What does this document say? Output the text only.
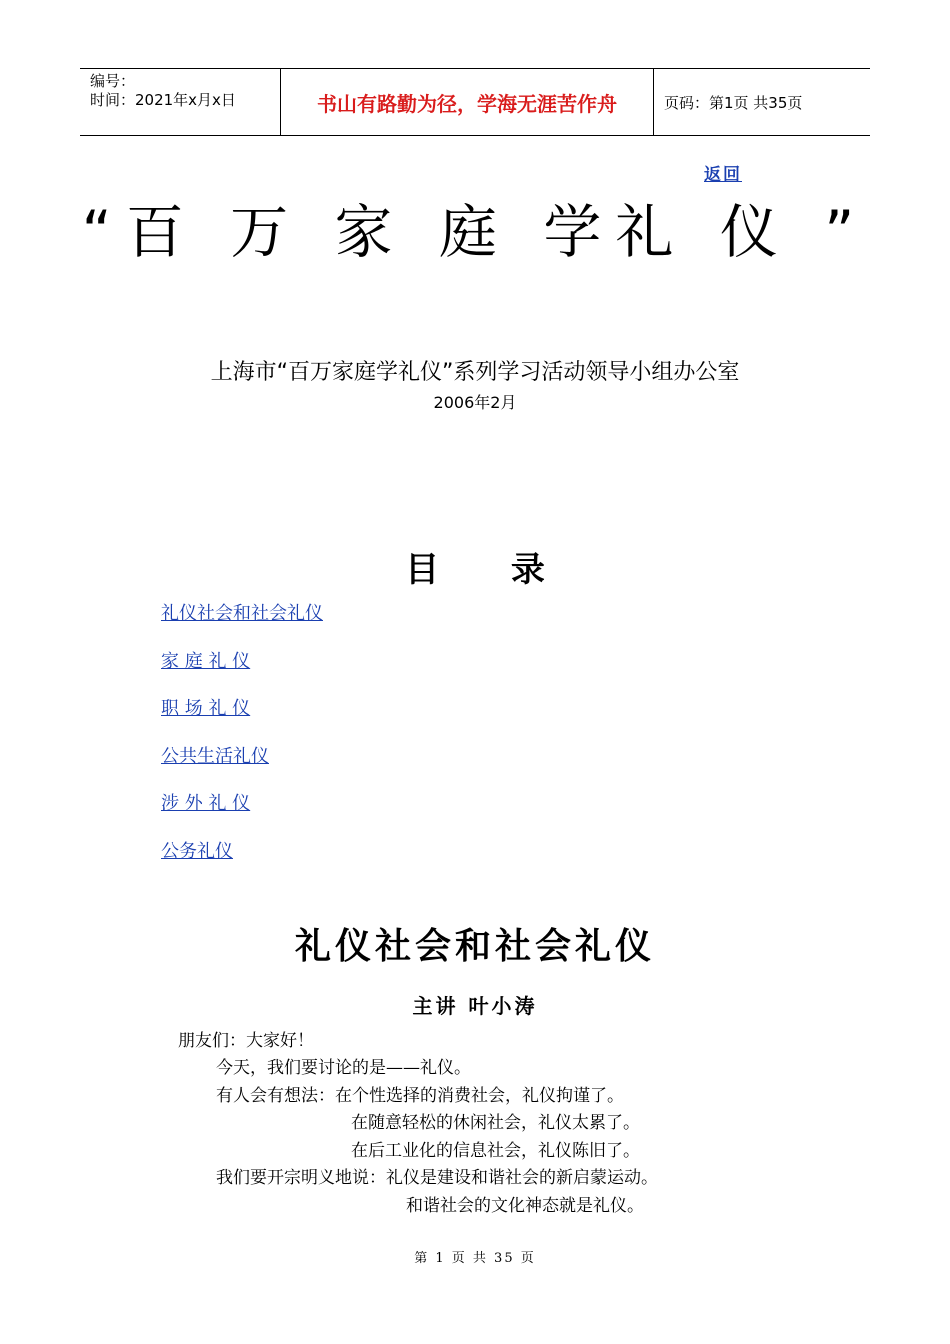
编号：
时间：2021年x月x日	书山有路勤为径，学海无涯苦作舟	页码：第1页 共35页
返回
“百 万 家 庭 学礼 仪 ”
上海市“百万家庭学礼仪”系列学习活动领导小组办公室
2006年2月
目 录
礼仪社会和社会礼仪
家 庭 礼 仪
职 场 礼 仪
公共生活礼仪
涉 外 礼 仪
公务礼仪
礼仪社会和社会礼仪
主讲 叶小涛
朋友们：大家好！
今天，我们要讨论的是——礼仪。
有人会有想法：在个性选择的消费社会，礼仪拘谨了。
在随意轻松的休闲社会，礼仪太累了。
在后工业化的信息社会，礼仪陈旧了。
我们要开宗明义地说：礼仪是建设和谐社会的新启蒙运动。
和谐社会的文化神态就是礼仪。
第 1 页 共 35 页
